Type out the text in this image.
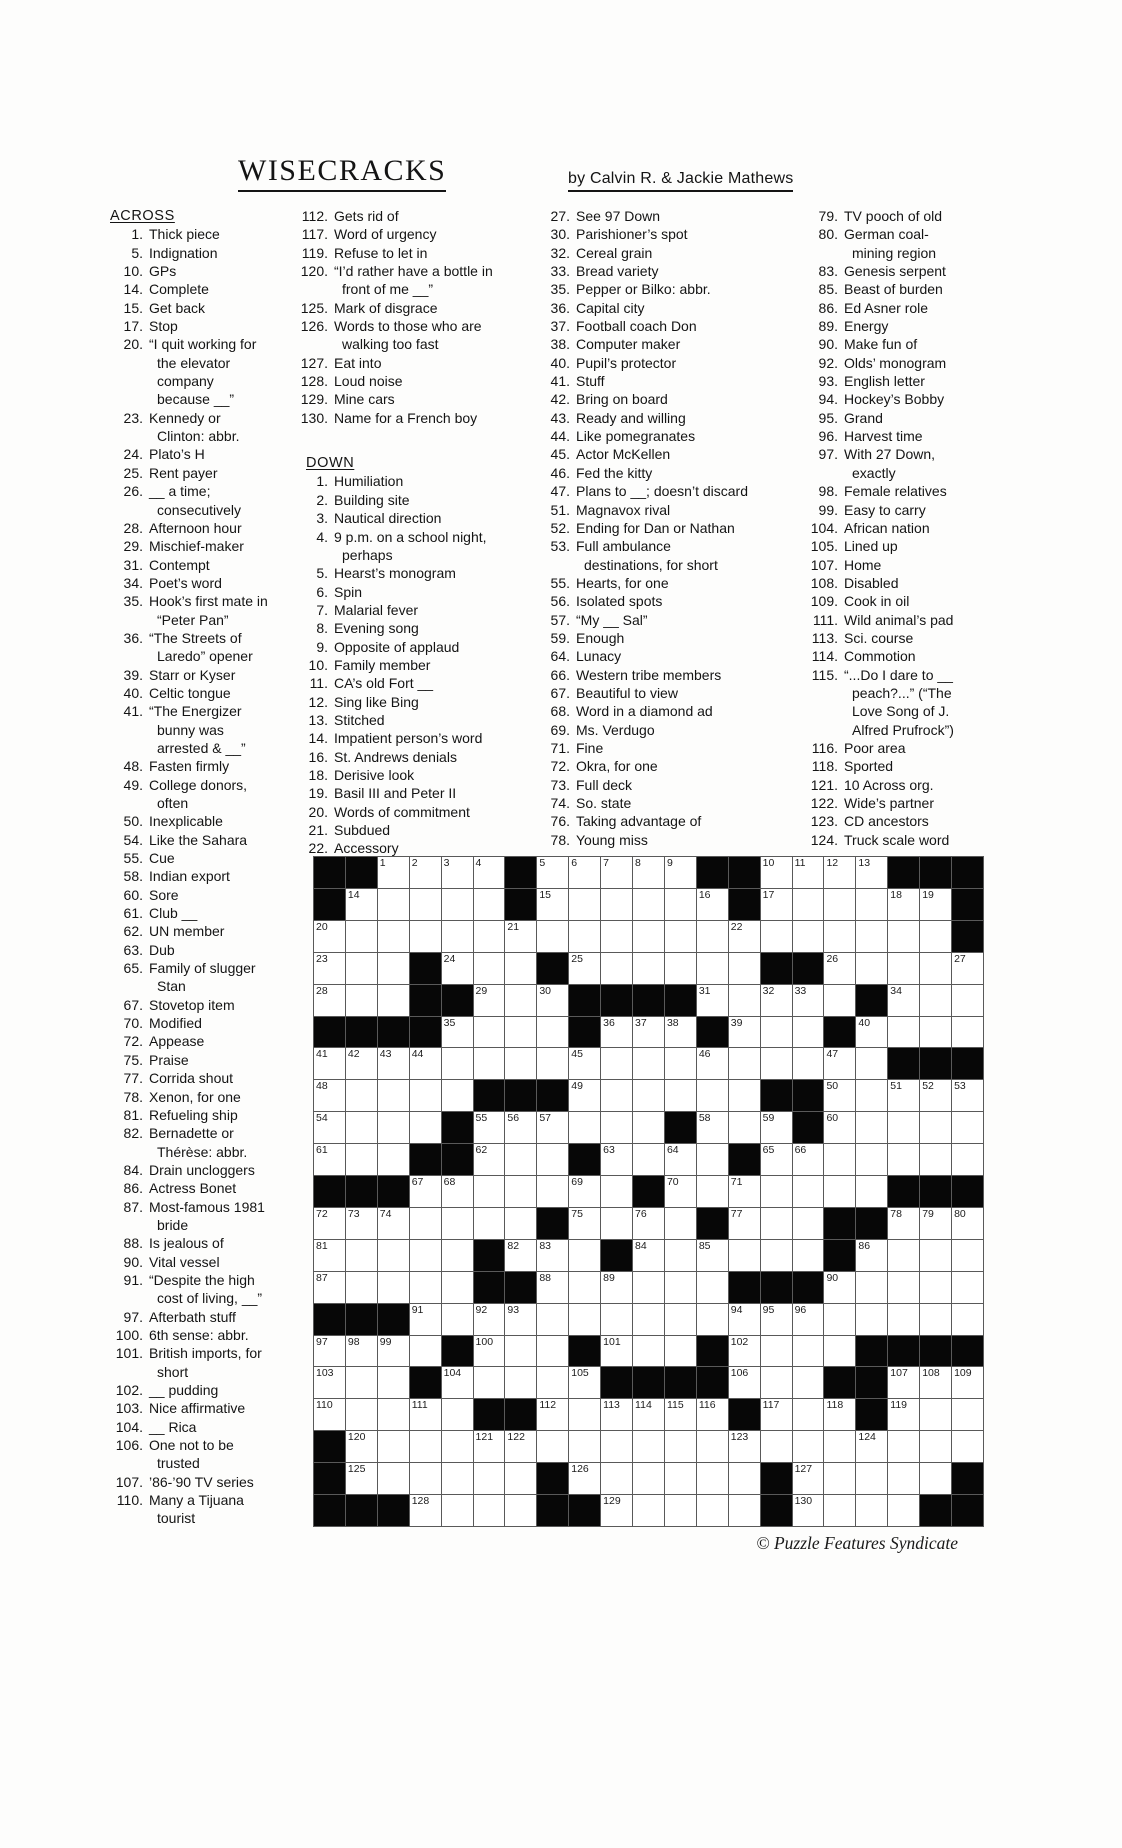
WISECRACKS	by Calvin R. & Jackie Mathews
ACROSS
1. Thick piece
5. Indignation
10. GPs
14. Complete
15. Get back
17. Stop
20. “I quit working for the elevator company because __”
23. Kennedy or Clinton: abbr.
24. Plato’s H
25. Rent payer
26. __ a time; consecutively
28. Afternoon hour
29. Mischief-maker
31. Contempt
34. Poet’s word
35. Hook’s first mate in “Peter Pan”
36. “The Streets of Laredo” opener
39. Starr or Kyser
40. Celtic tongue
41. “The Energizer bunny was arrested & __”
48. Fasten firmly
49. College donors, often
50. Inexplicable
54. Like the Sahara
55. Cue
58. Indian export
60. Sore
61. Club __
62. UN member
63. Dub
65. Family of slugger Stan
67. Stovetop item
70. Modified
72. Appease
75. Praise
77. Corrida shout
78. Xenon, for one
81. Refueling ship
82. Bernadette or Thérèse: abbr.
84. Drain uncloggers
86. Actress Bonet
87. Most-famous 1981 bride
88. Is jealous of
90. Vital vessel
91. “Despite the high cost of living, __”
97. Afterbath stuff
100. 6th sense: abbr.
101. British imports, for short
102. __ pudding
103. Nice affirmative
104. __ Rica
106. One not to be trusted
107. ’86-’90 TV series
110. Many a Tijuana tourist
112. Gets rid of
117. Word of urgency
119. Refuse to let in
120. “I’d rather have a bottle in front of me __”
125. Mark of disgrace
126. Words to those who are walking too fast
127. Eat into
128. Loud noise
129. Mine cars
130. Name for a French boy
DOWN
1. Humiliation
2. Building site
3. Nautical direction
4. 9 p.m. on a school night, perhaps
5. Hearst’s monogram
6. Spin
7. Malarial fever
8. Evening song
9. Opposite of applaud
10. Family member
11. CA’s old Fort __
12. Sing like Bing
13. Stitched
14. Impatient person’s word
16. St. Andrews denials
18. Derisive look
19. Basil III and Peter II
20. Words of commitment
21. Subdued
22. Accessory
27. See 97 Down
30. Parishioner’s spot
32. Cereal grain
33. Bread variety
35. Pepper or Bilko: abbr.
36. Capital city
37. Football coach Don
38. Computer maker
40. Pupil’s protector
41. Stuff
42. Bring on board
43. Ready and willing
44. Like pomegranates
45. Actor McKellen
46. Fed the kitty
47. Plans to __; doesn’t discard
51. Magnavox rival
52. Ending for Dan or Nathan
53. Full ambulance destinations, for short
55. Hearts, for one
56. Isolated spots
57. “My __ Sal”
59. Enough
64. Lunacy
66. Western tribe members
67. Beautiful to view
68. Word in a diamond ad
69. Ms. Verdugo
71. Fine
72. Okra, for one
73. Full deck
74. So. state
76. Taking advantage of
78. Young miss
79. TV pooch of old
80. German coal-mining region
83. Genesis serpent
85. Beast of burden
86. Ed Asner role
89. Energy
90. Make fun of
92. Olds’ monogram
93. English letter
94. Hockey’s Bobby
95. Grand
96. Harvest time
97. With 27 Down, exactly
98. Female relatives
99. Easy to carry
104. African nation
105. Lined up
107. Home
108. Disabled
109. Cook in oil
111. Wild animal’s pad
113. Sci. course
114. Commotion
115. “...Do I dare to __ peach?...” (“The Love Song of J. Alfred Prufrock”)
116. Poor area
118. Sported
121. 10 Across org.
122. Wide’s partner
123. CD ancestors
124. Truck scale word
1 2 3 4	5 6 7 8 9	10 11 12 13
14	15	16	17	18 19
20	21	22
23	24	25	26	27
28	29	30	31	32 33	34
35	36 37 38	39	40
41 42 43 44	45	46	47
48	49	50	51 52 53
54	55 56 57	58	59	60
61	62	63	64	65 66
67 68	69	70	71
72 73 74	75	76	77	78 79 80
81	82 83	84	85	86
87	88	89	90
91	92 93	94 95 96
97 98 99	100	101	102
103	104	105	106	107 108 109
110	111	112	113 114 115 116	117	118	119
120	121 122	123	124
125	126	127
128	129	130
© Puzzle Features Syndicate
